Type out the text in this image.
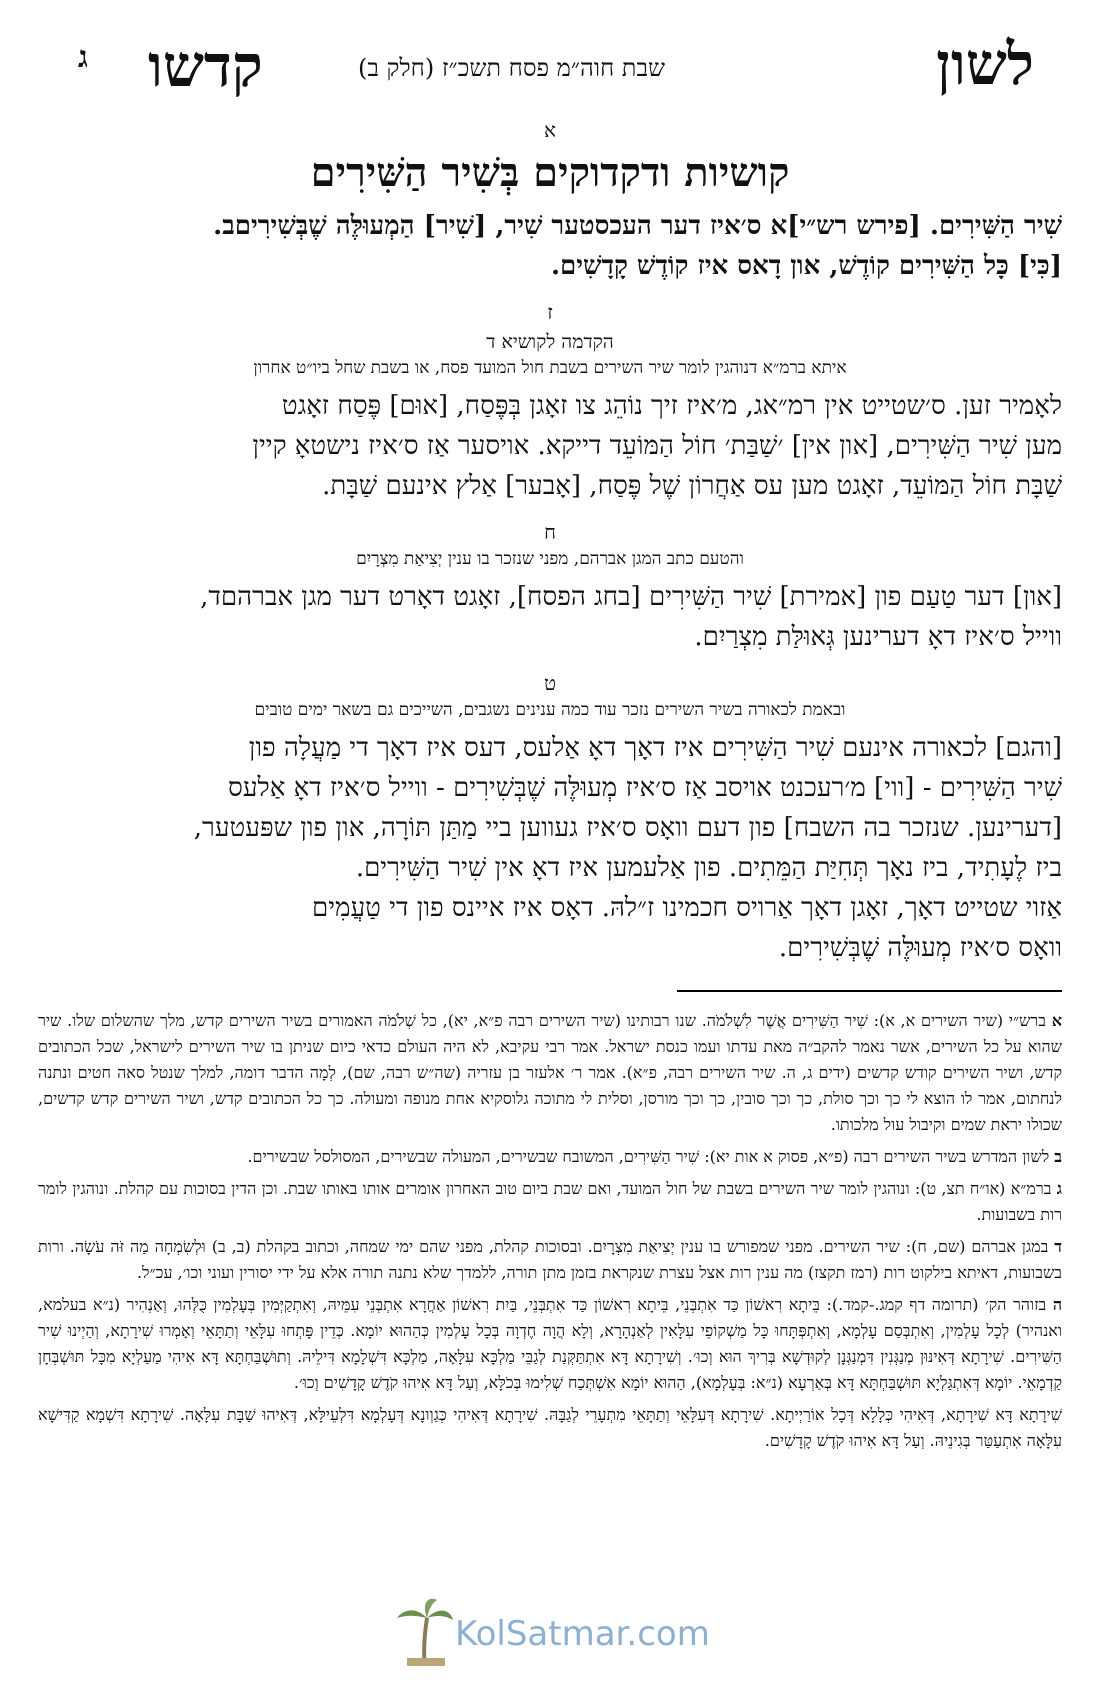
לשון
שבת חוה״מ פסח תשכ״ז (חלק ב)
קדשו
ג
א
קושיות ודקדוקים בְּשִׁיר הַשִּׁירִים

שִׁיר הַשִּׁירִים. [פירש רש״י]א ס׳איז דער העכסטער שִׁיר, [שִׁיר] הַמְעוּלֶּה שֶׁבְּשִׁירִיםב.

[כִּי] כָּל הַשִּׁירִים קוֹדֶשׁ, און דָאס איז קוֹדֶשׁ קָדָשִׁים.

ז
הקדמה לקושיא ד
איתא ברמ״א דנוהגין לומר שיר השירים בשבת חול המועד פסח, או בשבת שחל ביו״ט אחרון

לאָמיר זען. ס׳שטייט אין רמ״אג, מ׳איז זיך נוֹהֵג צו זאָגן בְּפֶּסַח, [אוּם] פֶּסַח זאָגט

מען שִׁיר הַשִּׁירִים, [און אין] ׳שַׁבַּת׳ חוֹל הַמּוֹעֵד דייקא. אויסער אַז ס׳איז נישטאָ קיין

שַׁבָּת חוֹל הַמּוֹעֵד, זאָגט מען עס אַחֲרוֹן שֶׁל פֶּסַח, [אָבער] אַלץ אינעם שַׁבָּת.

ח
והטעם כתב המגן אברהם, מפני שנזכר בו ענין יְצִיאַת מִצְרָיִם

[און] דער טַעַם פון [אמירת] שִׁיר הַשִּׁירִים [בחג הפסח], זאָגט דאָרט דער מגן אברהםד,

ווייל ס׳איז דאָ דערינען גְּאוּלַּת מִצְרַיִם.

ט
ובאמת לכאורה בשיר השירים נזכר עוד כמה ענינים נשגבים, השייכים גם בשאר ימים טובים

[והגם] לכאורה אינעם שִׁיר הַשִּׁירִים איז דאָך דאָ אַלעס, דעס איז דאָך די מַעֲלָה פון

שִׁיר הַשִּׁירִים - [ווי] מ׳רעכנט אויסב אַז ס׳איז מְעוּלֶּה שֶׁבְּשִׁירִים - ווייל ס׳איז דאָ אַלעס

[דערינען. שנזכר בה השבח] פון דעם וואָס ס׳איז געווען ביי מַתַּן תּוֹרָה, און פון שפּעטער,

ביז לֶעָתִיד, ביז נאָך תְּחִיַּת הַמֵּתִים. פון אַלעמען איז דאָ אין שִׁיר הַשִּׁירִים.

אַזוי שטייט דאָך, זאָגן דאָך אַרויס חכמינו ז״להּ. דאָס איז איינס פון די טַעֲמִים

וואָס ס׳איז מְעוּלֶּה שֶׁבְּשִׁירִים.

א ברש״י (שיר השירים א, א): שִׁיר הַשִּׁירִים אֲשֶׁר לִשְׁלֹמֹה. שנו רבותינו (שיר השירים רבה פ״א, יא), כל שְׁלֹמֹה האמורים בשיר השירים קדש, מלך שהשלום שלו. שיר שהוא על כל השירים, אשר נאמר להקב״ה מאת עדתו ועמו כנסת ישראל. אמר רבי עקיבא, לא היה העולם כדאי כיום שניתן בו שיר השירים לישראל, שכל הכתובים קדש, ושיר השירים קודש קדשים (ידים ג, ה. שיר השירים רבה, פ״א). אמר ר׳ אלעזר בן עזריה (שה״ש רבה, שם), לְמָה הדבר דומה, למלך שנטל סאה חטים ונתנה לנחתום, אמר לו הוצא לי כך וכך סולת, כך וכך סובין, כך וכך מורסן, וסלית לי מתוכה גלוסקיא אחת מנופה ומעולה. כך כל הכתובים קדש, ושיר השירים קדש קדשים, שכולו יראת שמים וקיבול עול מלכותו.

ב לשון המדרש בשיר השירים רבה (פ״א, פסוק א אות יא): שִׁיר הַשִּׁירִים, המשובח שבשירים, המעולה שבשירים, המסולסל שבשירים.

ג ברמ״א (או״ח תצ, ט): ונוהגין לומר שיר השירים בשבת של חול המועד, ואם שבת ביום טוב האחרון אומרים אותו באותו שבת. וכן הדין בסוכות עם קהלת. ונוהגין לומר רות בשבועות.

ד במגן אברהם (שם, ח): שיר השירים. מפני שמפורש בו ענין יְצִיאַת מִצְרָיִם. ובסוכות קהלת, מפני שהם ימי שמחה, וכתוב בקהלת (ב, ב) וּלְשִׂמְחָה מַה זֹּה עֹשָׂה. ורות בשבועות, דאיתא בילקוט רות (רמז תקצז) מה ענין רות אצל עצרת שנקראת בזמן מתן תורה, ללמדך שלא נתנה תורה אלא על ידי יסורין ועוני וכו׳, עכ״ל.

ה בזוהר הק׳ (תרומה דף קמג.-קמד.): בֵּיתָא רִאשׁוֹן כַּד אִתְבְּנֵי, בֵּיתָא רִאשׁוֹן כַּד אִתְבְּנֵי, בַּיִת רִאשׁוֹן אַחֲרָא אִתְבְּנֵי עִמֵּיהּ, וְאִתְקַיְּמִין בְּעָלְמִין כֻּלְּהוּ, וְאַנְהִיר (נ״א בעלמא, ואנהיר) לְכָל עָלְמִין, וְאִתְבְּסַם עָלְמָא, וְאִתְפְּתָּחוּ כָּל מַשְׁקוֹפֵי עִלָּאִין לְאַנְהָרָא, וְלָא הֲוָה חֶדְוָה בְּכָל עָלְמִין כְּהַהוּא יוֹמָא. כְּדֵין פָּתְחוּ עִלָּאֵי וְתַתָּאֵי וְאָמְרוּ שִׁירָתָא, וְהַיְינוּ שִׁיר הַשִּׁירִים. שִׁירָתָא דְּאִינּוּן מְנַגְּנִין דִּמְנַגְּנָן לְקוּדְשָׁא בְּרִיךְ הוּא וְכוּ׳. וְשִׁירָתָא דָּא אִתְתַּקְּנַת לְגַבֵּי מַלְכָּא עִלָּאָה, מַלְכָּא דִּשְׁלָמָא דִּילֵיהּ. וְתוּשְׁבַּחְתָּא דָּא אִיהִי מַעַלְיָא מִכָּל תּוּשְׁבְּחָן קַדְמָאֵי. יוֹמָא דְּאִתְגַּלְיָא תּוּשְׁבַּחְתָּא דָּא בְּאַרְעָא (נ״א: בְּעָלְמָא), הַהוּא יוֹמָא אִשְׁתְּכַח שְׁלִימוּ בְּכֹלָּא, וְעַל דָּא אִיהוּ קֹדֶשׁ קָדָשִׁים וְכוּ׳.

שִׁירָתָא דָּא שִׁירָתָא, דְּאִיהִי כְּלָלָא דְּכָל אוֹרַיְיתָא. שִׁירָתָא דְּעִלָּאֵי וְתַתָּאֵי מִתְעָרֵי לְגַבָּהּ. שִׁירָתָא דְּאִיהִי כְּגַוְונָא דְּעָלְמָא דִּלְעֵילָּא, דְּאִיהוּ שַׁבָּת עִלָּאָה. שִׁירָתָא דִּשְׁמָא קַדִּישָׁא עִלָּאָה אִתְעַטַּר בְּגִינֵיהּ. וְעַל דָּא אִיהוּ קֹדֶשׁ קָדָשִׁים.

KolSatmar.com
